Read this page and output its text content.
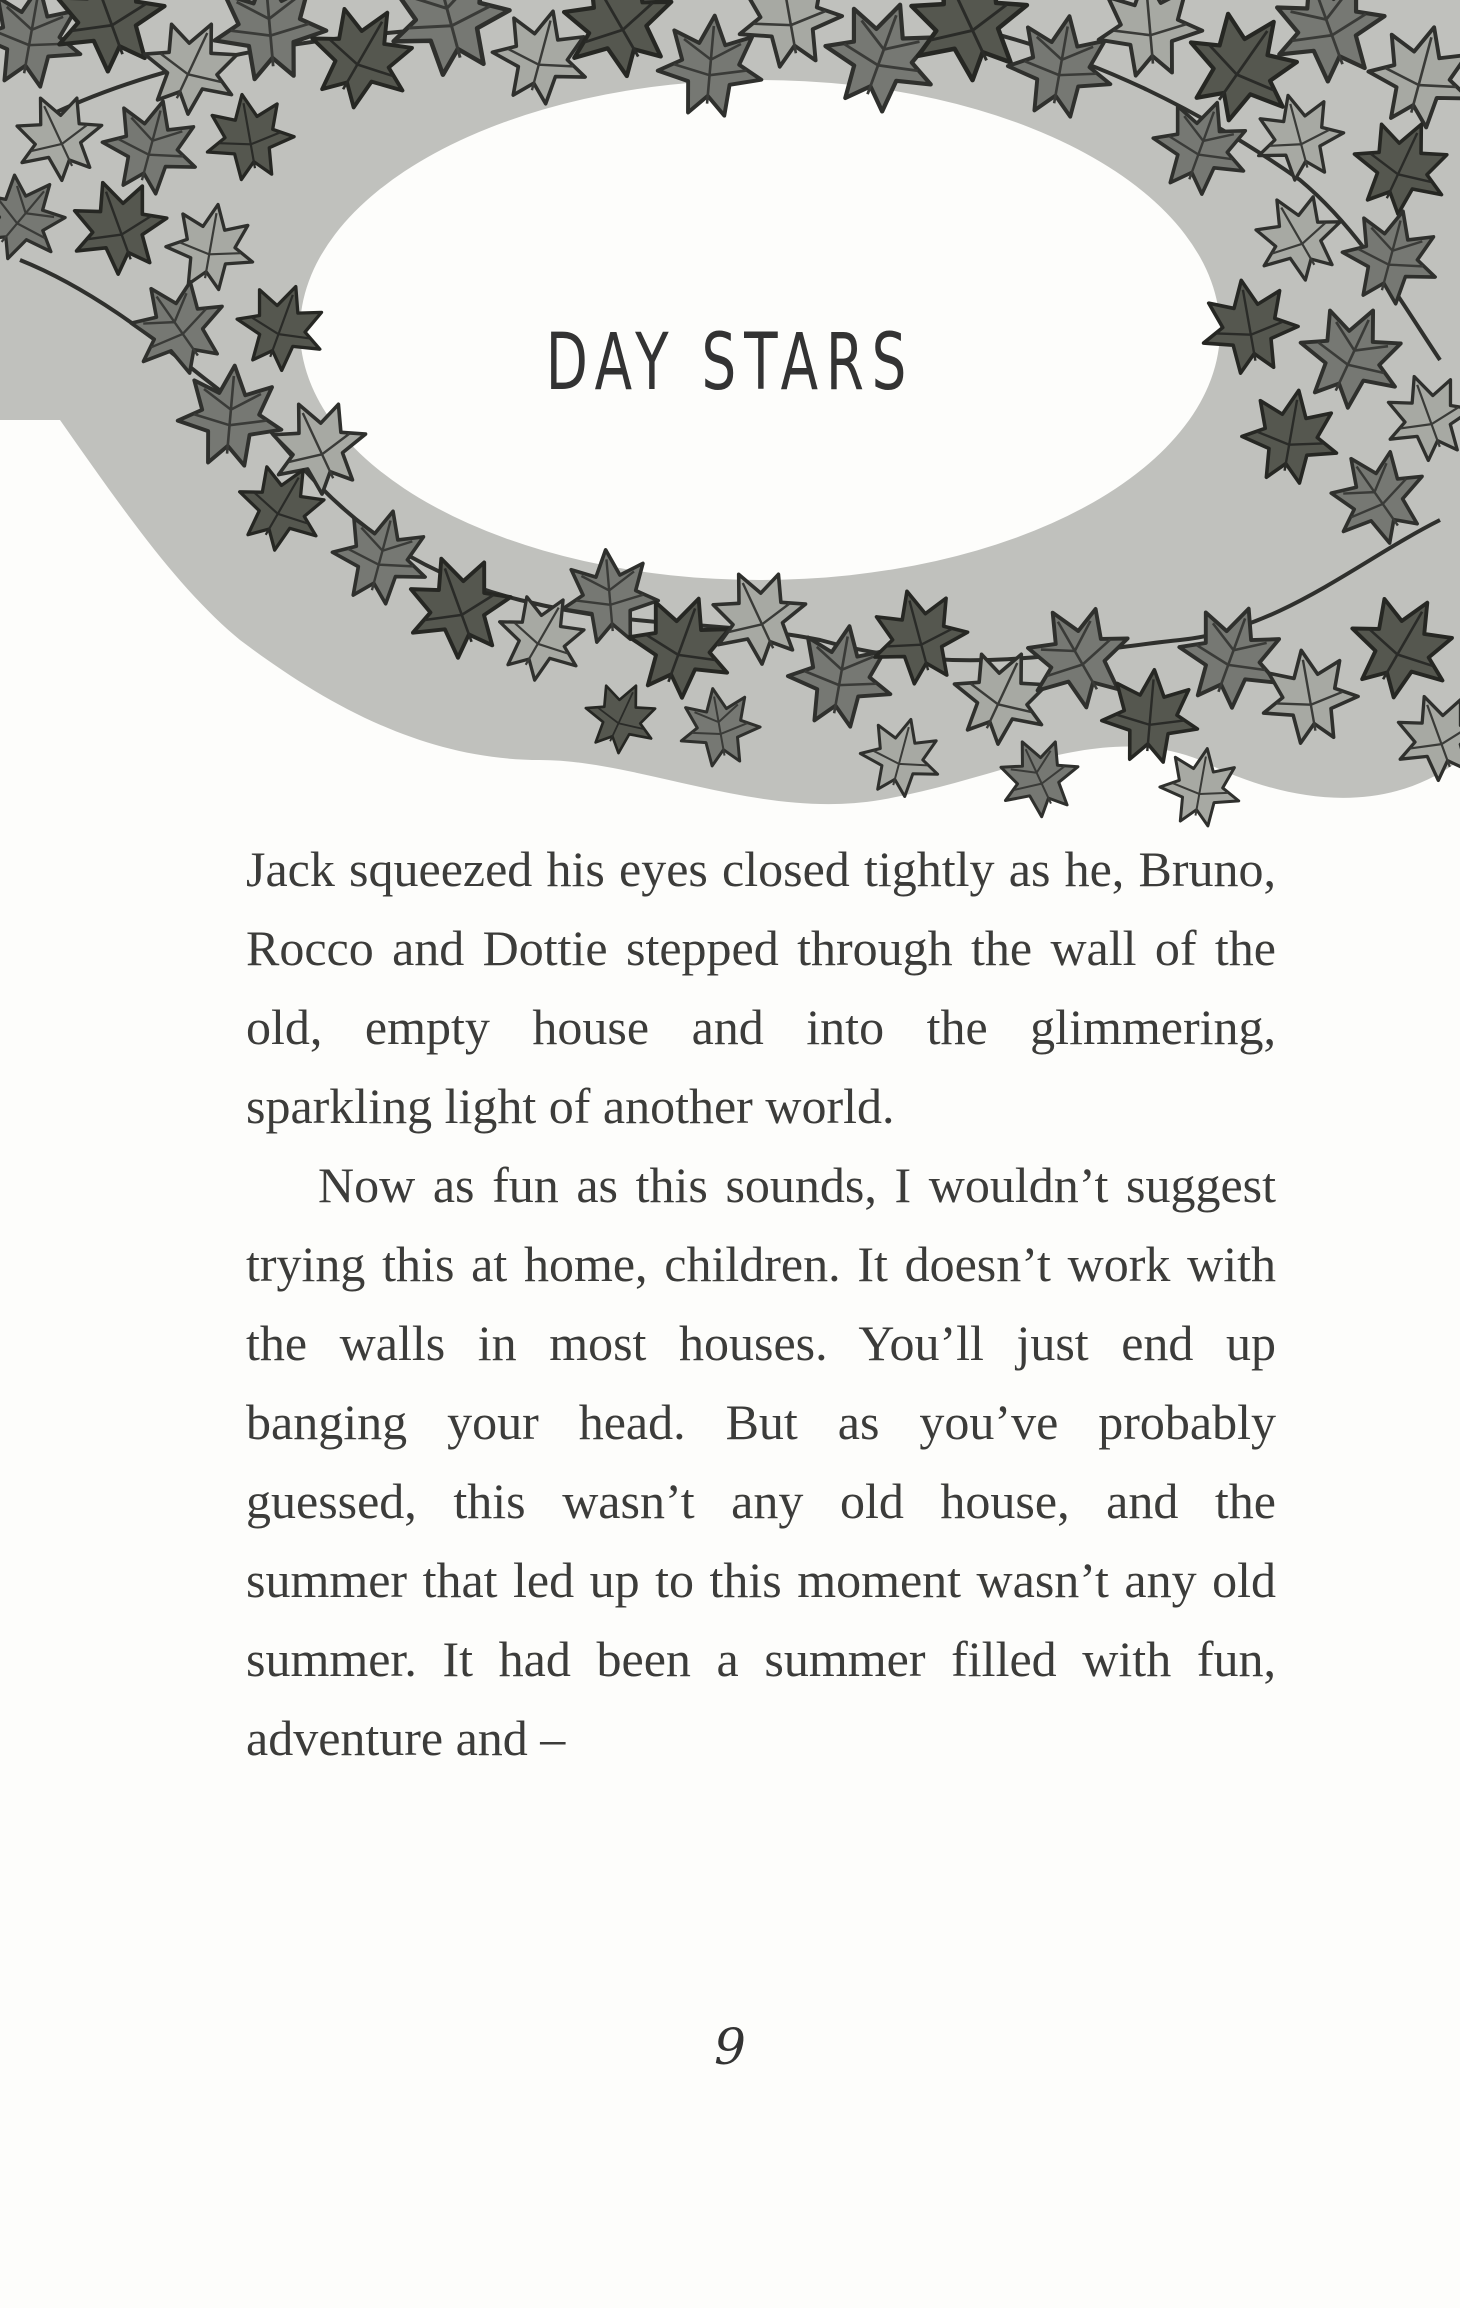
DAY STARS

Jack squeezed his eyes closed tightly as he, Bruno, Rocco and Dottie stepped through the wall of the old, empty house and into the glimmering, sparkling light of another world.

Now as fun as this sounds, I wouldn’t suggest trying this at home, children. It doesn’t work with the walls in most houses. You’ll just end up banging your head. But as you’ve probably guessed, this wasn’t any old house, and the summer that led up to this moment wasn’t any old summer. It had been a summer filled with fun, adventure and –

9
